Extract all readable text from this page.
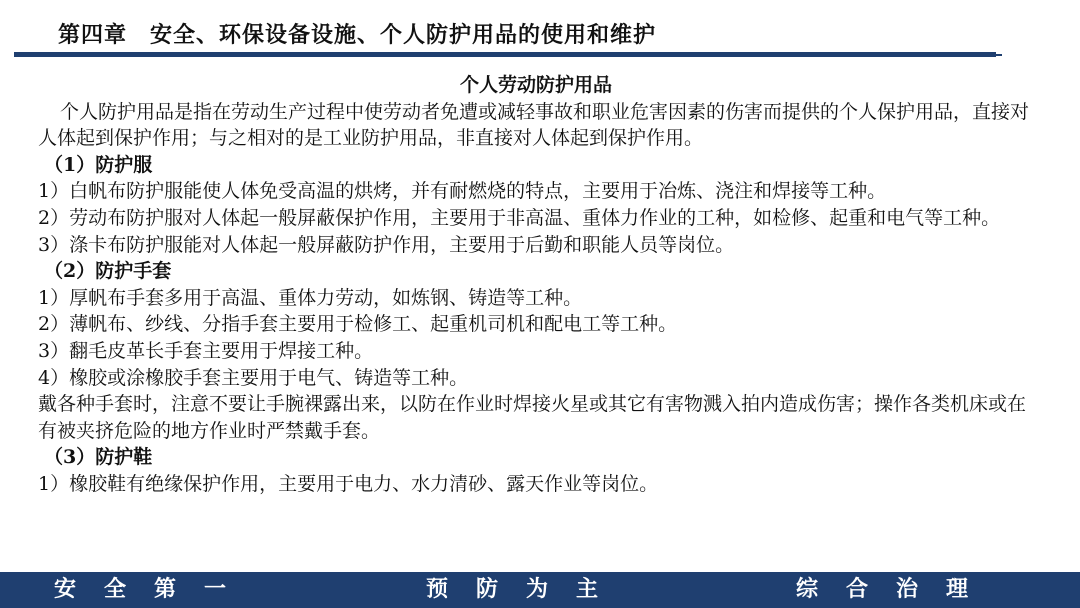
第四章　安全、环保设备设施、个人防护用品的使用和维护
个人劳动防护用品
个人防护用品是指在劳动生产过程中使劳动者免遭或减轻事故和职业危害因素的伤害而提供的个人保护用品，直接对人体起到保护作用；与之相对的是工业防护用品，非直接对人体起到保护作用。
（1）防护服
1）白帆布防护服能使人体免受高温的烘烤，并有耐燃烧的特点，主要用于冶炼、浇注和焊接等工种。
2）劳动布防护服对人体起一般屏蔽保护作用，主要用于非高温、重体力作业的工种，如检修、起重和电气等工种。
3）涤卡布防护服能对人体起一般屏蔽防护作用，主要用于后勤和职能人员等岗位。
（2）防护手套
1）厚帆布手套多用于高温、重体力劳动，如炼钢、铸造等工种。
2）薄帆布、纱线、分指手套主要用于检修工、起重机司机和配电工等工种。
3）翻毛皮革长手套主要用于焊接工种。
4）橡胶或涂橡胶手套主要用于电气、铸造等工种。
戴各种手套时，注意不要让手腕裸露出来，以防在作业时焊接火星或其它有害物溅入拍内造成伤害；操作各类机床或在有被夹挤危险的地方作业时严禁戴手套。
（3）防护鞋
1）橡胶鞋有绝缘保护作用，主要用于电力、水力清砂、露天作业等岗位。
安全第一	预防为主	综合治理
